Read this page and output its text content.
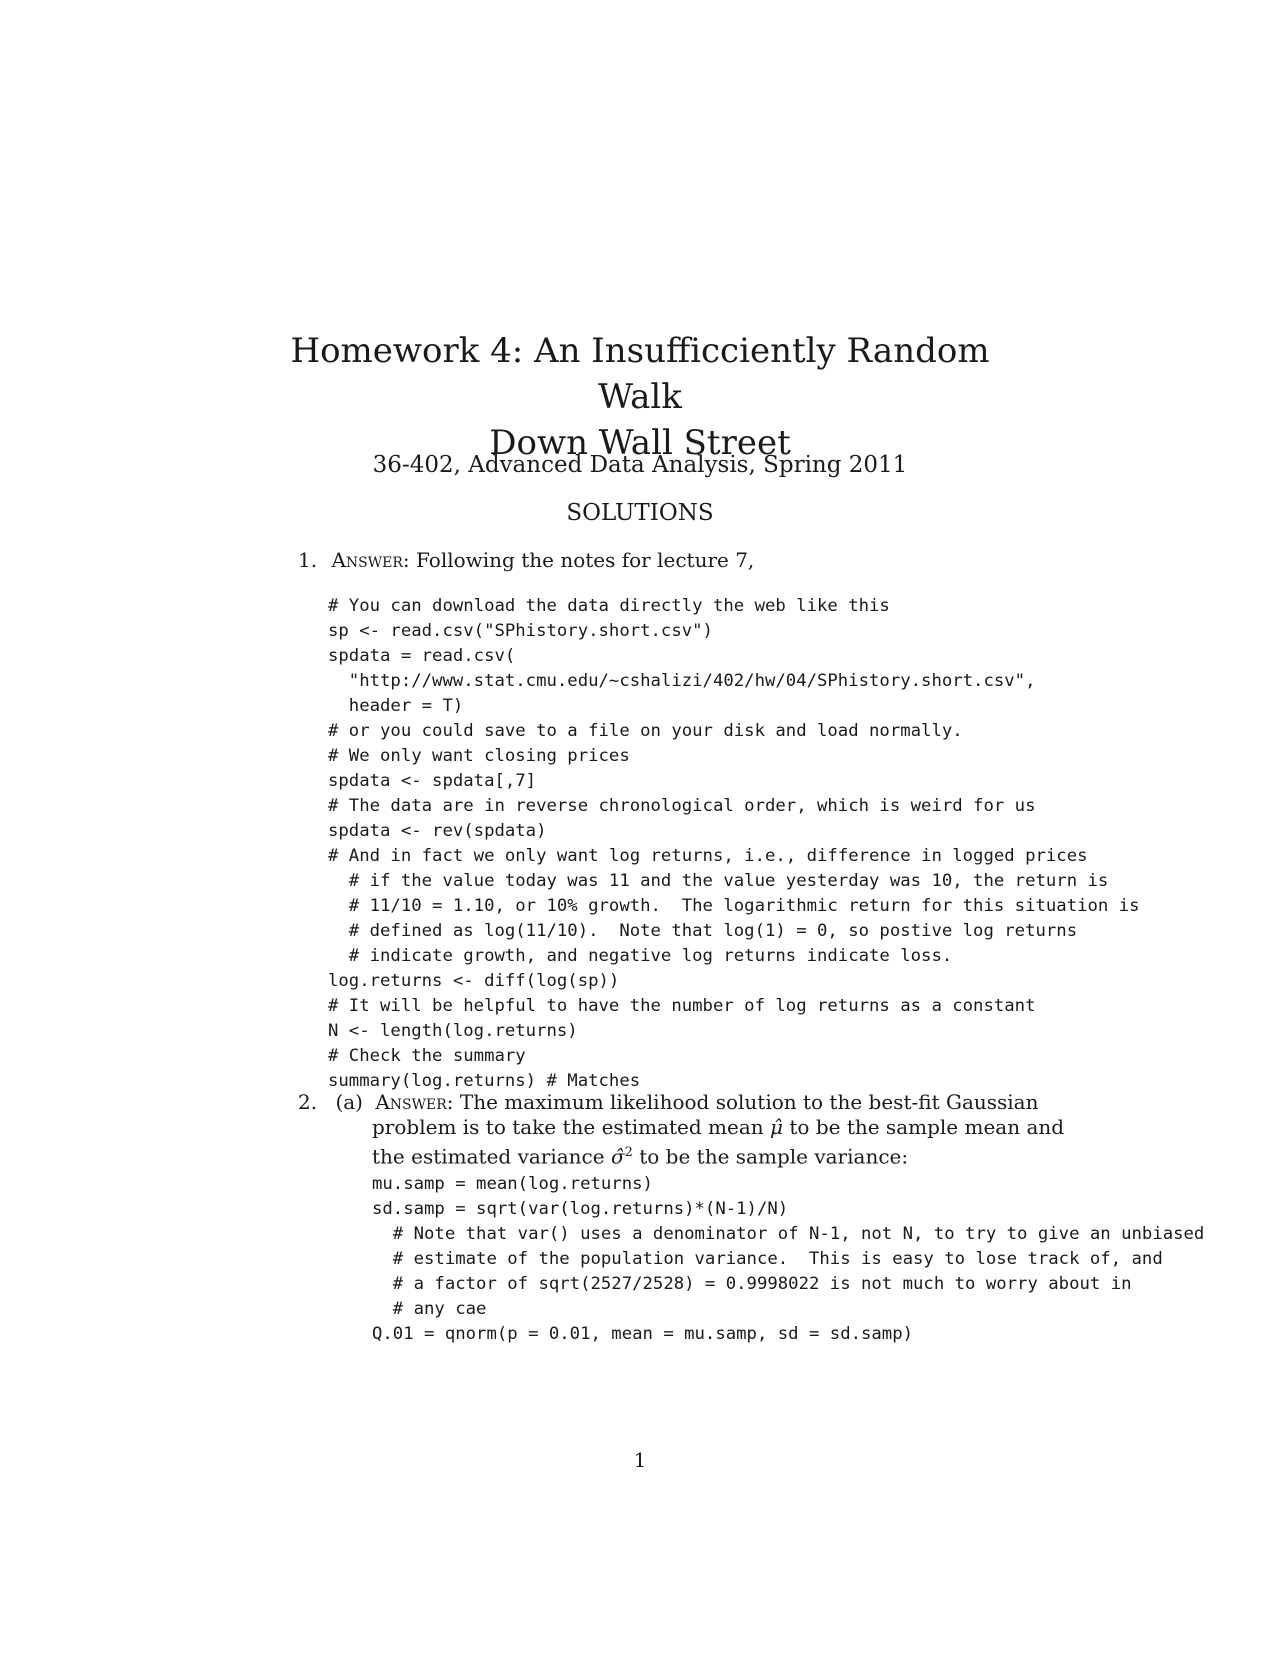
Homework 4: An Insufficciently Random Walk
Down Wall Street

36-402, Advanced Data Analysis, Spring 2011

SOLUTIONS

1. Answer: Following the notes for lecture 7,

# You can download the data directly the web like this
sp <- read.csv("SPhistory.short.csv")
spdata = read.csv(
"http://www.stat.cmu.edu/~cshalizi/402/hw/04/SPhistory.short.csv",
header = T)
# or you could save to a file on your disk and load normally.
# We only want closing prices
spdata <- spdata[,7]
# The data are in reverse chronological order, which is weird for us
spdata <- rev(spdata)
# And in fact we only want log returns, i.e., difference in logged prices
# if the value today was 11 and the value yesterday was 10, the return is
# 11/10 = 1.10, or 10% growth.  The logarithmic return for this situation is
# defined as log(11/10).  Note that log(1) = 0, so postive log returns
# indicate growth, and negative log returns indicate loss.
log.returns <- diff(log(sp))
# It will be helpful to have the number of log returns as a constant
N <- length(log.returns)
# Check the summary
summary(log.returns) # Matches
2. (a) Answer: The maximum likelihood solution to the best-fit Gaussian
problem is to take the estimated mean μ̂ to be the sample mean and
the estimated variance σ̂$^2$ to be the sample variance:
mu.samp = mean(log.returns)
sd.samp = sqrt(var(log.returns)*(N-1)/N)
# Note that var() uses a denominator of N-1, not N, to try to give an unbiased
# estimate of the population variance.  This is easy to lose track of, and
# a factor of sqrt(2527/2528) = 0.9998022 is not much to worry about in
# any cae
Q.01 = qnorm(p = 0.01, mean = mu.samp, sd = sd.samp)

1
